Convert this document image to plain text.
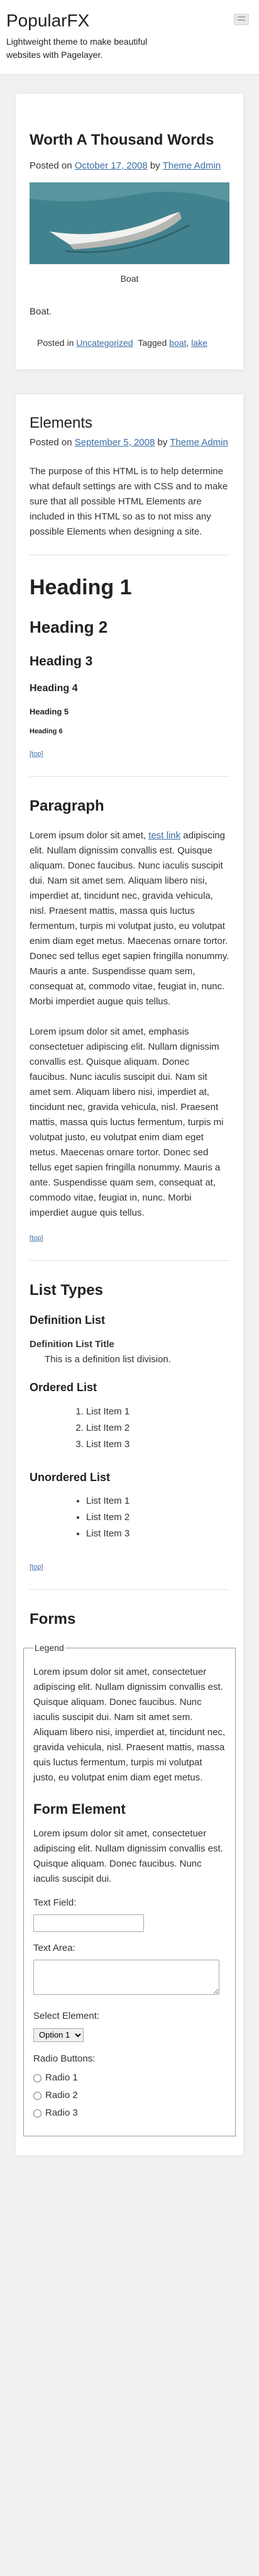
PopularFX

Lightweight theme to make beautiful websites with Pagelayer.

Worth A Thousand Words
Posted on October 17, 2008 by Theme Admin
Boat

Boat.

Posted in Uncategorized Tagged boat, lake
Elements
Posted on September 5, 2008 by Theme Admin

The purpose of this HTML is to help determine what default settings are with CSS and to make sure that all possible HTML Elements are included in this HTML so as to not miss any possible Elements when designing a site.

Heading 1
Heading 2
Heading 3
Heading 4
Heading 5
Heading 6
[top]
Paragraph

Lorem ipsum dolor sit amet, test link adipiscing elit. Nullam dignissim convallis est. Quisque aliquam. Donec faucibus. Nunc iaculis suscipit dui. Nam sit amet sem. Aliquam libero nisi, imperdiet at, tincidunt nec, gravida vehicula, nisl. Praesent mattis, massa quis luctus fermentum, turpis mi volutpat justo, eu volutpat enim diam eget metus. Maecenas ornare tortor. Donec sed tellus eget sapien fringilla nonummy. Mauris a ante. Suspendisse quam sem, consequat at, commodo vitae, feugiat in, nunc. Morbi imperdiet augue quis tellus.

Lorem ipsum dolor sit amet, emphasis consectetuer adipiscing elit. Nullam dignissim convallis est. Quisque aliquam. Donec faucibus. Nunc iaculis suscipit dui. Nam sit amet sem. Aliquam libero nisi, imperdiet at, tincidunt nec, gravida vehicula, nisl. Praesent mattis, massa quis luctus fermentum, turpis mi volutpat justo, eu volutpat enim diam eget metus. Maecenas ornare tortor. Donec sed tellus eget sapien fringilla nonummy. Mauris a ante. Suspendisse quam sem, consequat at, commodo vitae, feugiat in, nunc. Morbi imperdiet augue quis tellus.

[top]
List Types
Definition List
Definition List Title

This is a definition list division.

Ordered List
1. List Item 1
2. List Item 2
3. List Item 3
Unordered List
• List Item 1
• List Item 2
• List Item 3
[top]
Forms
Legend

Lorem ipsum dolor sit amet, consectetuer adipiscing elit. Nullam dignissim convallis est. Quisque aliquam. Donec faucibus. Nunc iaculis suscipit dui. Nam sit amet sem. Aliquam libero nisi, imperdiet at, tincidunt nec, gravida vehicula, nisl. Praesent mattis, massa quis luctus fermentum, turpis mi volutpat justo, eu volutpat enim diam eget metus.

Form Element

Lorem ipsum dolor sit amet, consectetuer adipiscing elit. Nullam dignissim convallis est. Quisque aliquam. Donec faucibus. Nunc iaculis suscipit dui.

Text Field:
Text Area:
Select Element:
Option 1
Radio Buttons:
Radio 1
Radio 2
Radio 3
